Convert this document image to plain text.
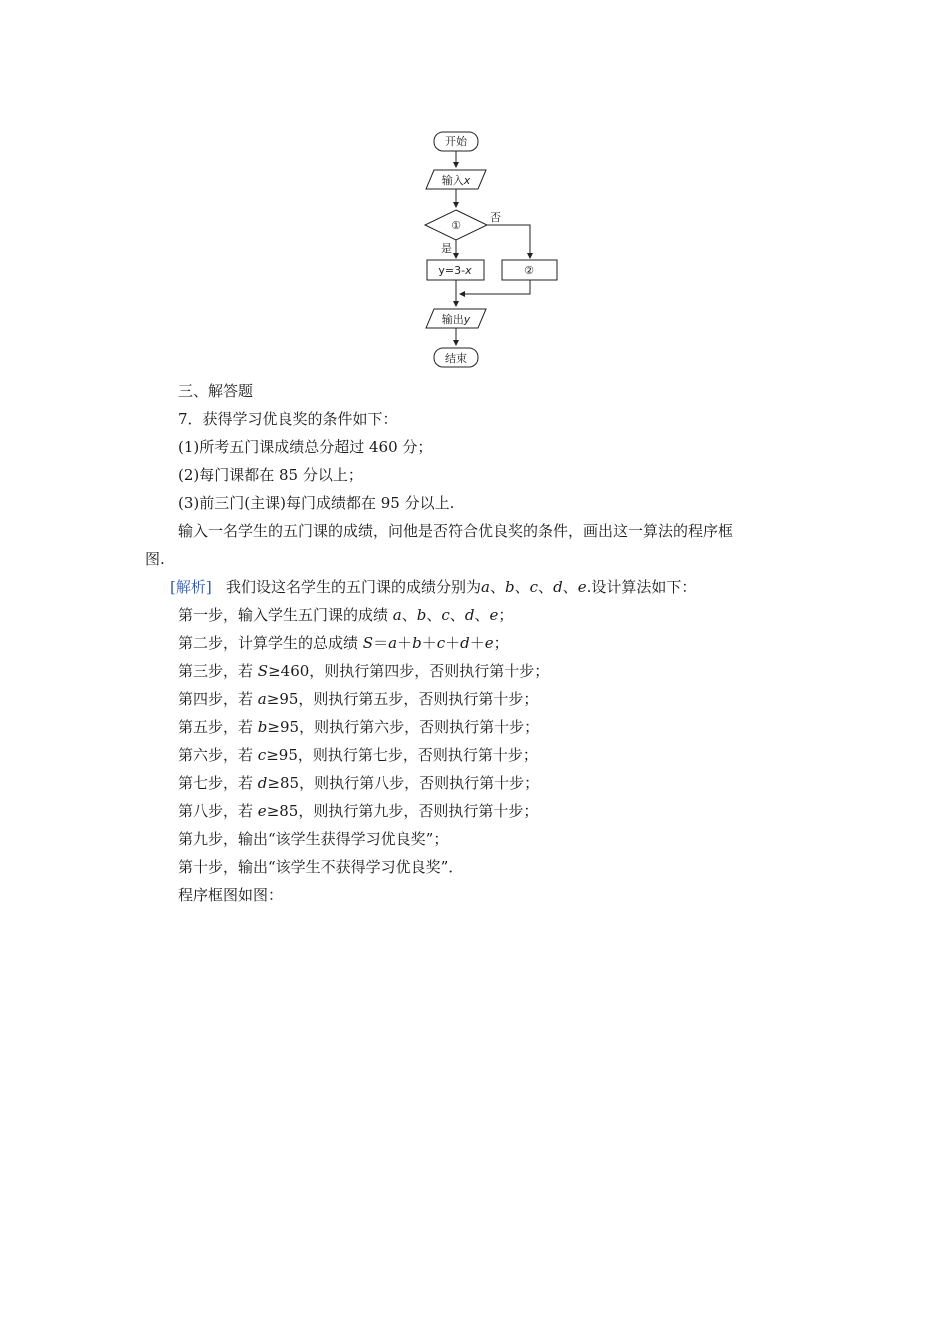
开始
输入x
①
否
是
y=3-x	②
输出y
结束
三、解答题
7．获得学习优良奖的条件如下：
(1)所考五门课成绩总分超过 460 分；
(2)每门课都在 85 分以上；
(3)前三门(主课)每门成绩都在 95 分以上.
输入一名学生的五门课的成绩，问他是否符合优良奖的条件，画出这一算法的程序框
图.
[解析] 我们设这名学生的五门课的成绩分别为a、b、c、d、e.设计算法如下：
第一步，输入学生五门课的成绩 a、b、c、d、e；
第二步，计算学生的总成绩 S＝a＋b＋c＋d＋e；
第三步，若 S≥460，则执行第四步，否则执行第十步；
第四步，若 a≥95，则执行第五步，否则执行第十步；
第五步，若 b≥95，则执行第六步，否则执行第十步；
第六步，若 c≥95，则执行第七步，否则执行第十步；
第七步，若 d≥85，则执行第八步，否则执行第十步；
第八步，若 e≥85，则执行第九步，否则执行第十步；
第九步，输出“该学生获得学习优良奖”；
第十步，输出“该学生不获得学习优良奖”．
程序框图如图：
